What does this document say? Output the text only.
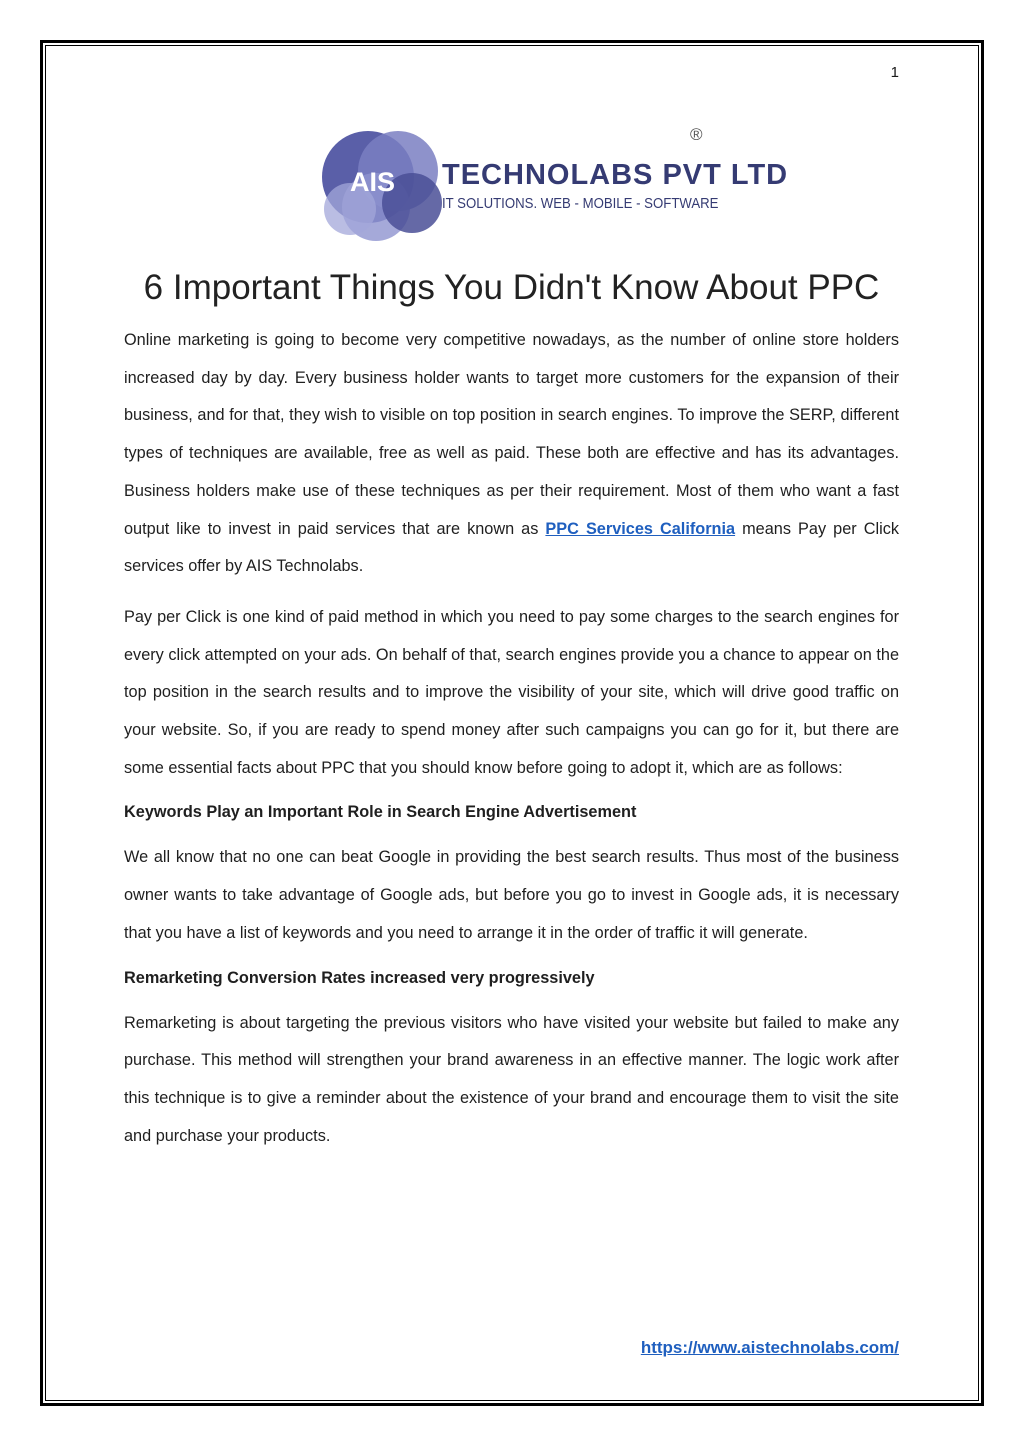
1
AIS TECHNOLABS PVT LTD
IT SOLUTIONS. WEB - MOBILE - SOFTWARE
®
6 Important Things You Didn't Know About PPC

Online marketing is going to become very competitive nowadays, as the number of online store holders increased day by day. Every business holder wants to target more customers for the expansion of their business, and for that, they wish to visible on top position in search engines. To improve the SERP, different types of techniques are available, free as well as paid. These both are effective and has its advantages. Business holders make use of these techniques as per their requirement. Most of them who want a fast output like to invest in paid services that are known as PPC Services California means Pay per Click services offer by AIS Technolabs.

Pay per Click is one kind of paid method in which you need to pay some charges to the search engines for every click attempted on your ads. On behalf of that, search engines provide you a chance to appear on the top position in the search results and to improve the visibility of your site, which will drive good traffic on your website. So, if you are ready to spend money after such campaigns you can go for it, but there are some essential facts about PPC that you should know before going to adopt it, which are as follows:

Keywords Play an Important Role in Search Engine Advertisement

We all know that no one can beat Google in providing the best search results. Thus most of the business owner wants to take advantage of Google ads, but before you go to invest in Google ads, it is necessary that you have a list of keywords and you need to arrange it in the order of traffic it will generate.

Remarketing Conversion Rates increased very progressively

Remarketing is about targeting the previous visitors who have visited your website but failed to make any purchase. This method will strengthen your brand awareness in an effective manner. The logic work after this technique is to give a reminder about the existence of your brand and encourage them to visit the site and purchase your products.

https://www.aistechnolabs.com/
